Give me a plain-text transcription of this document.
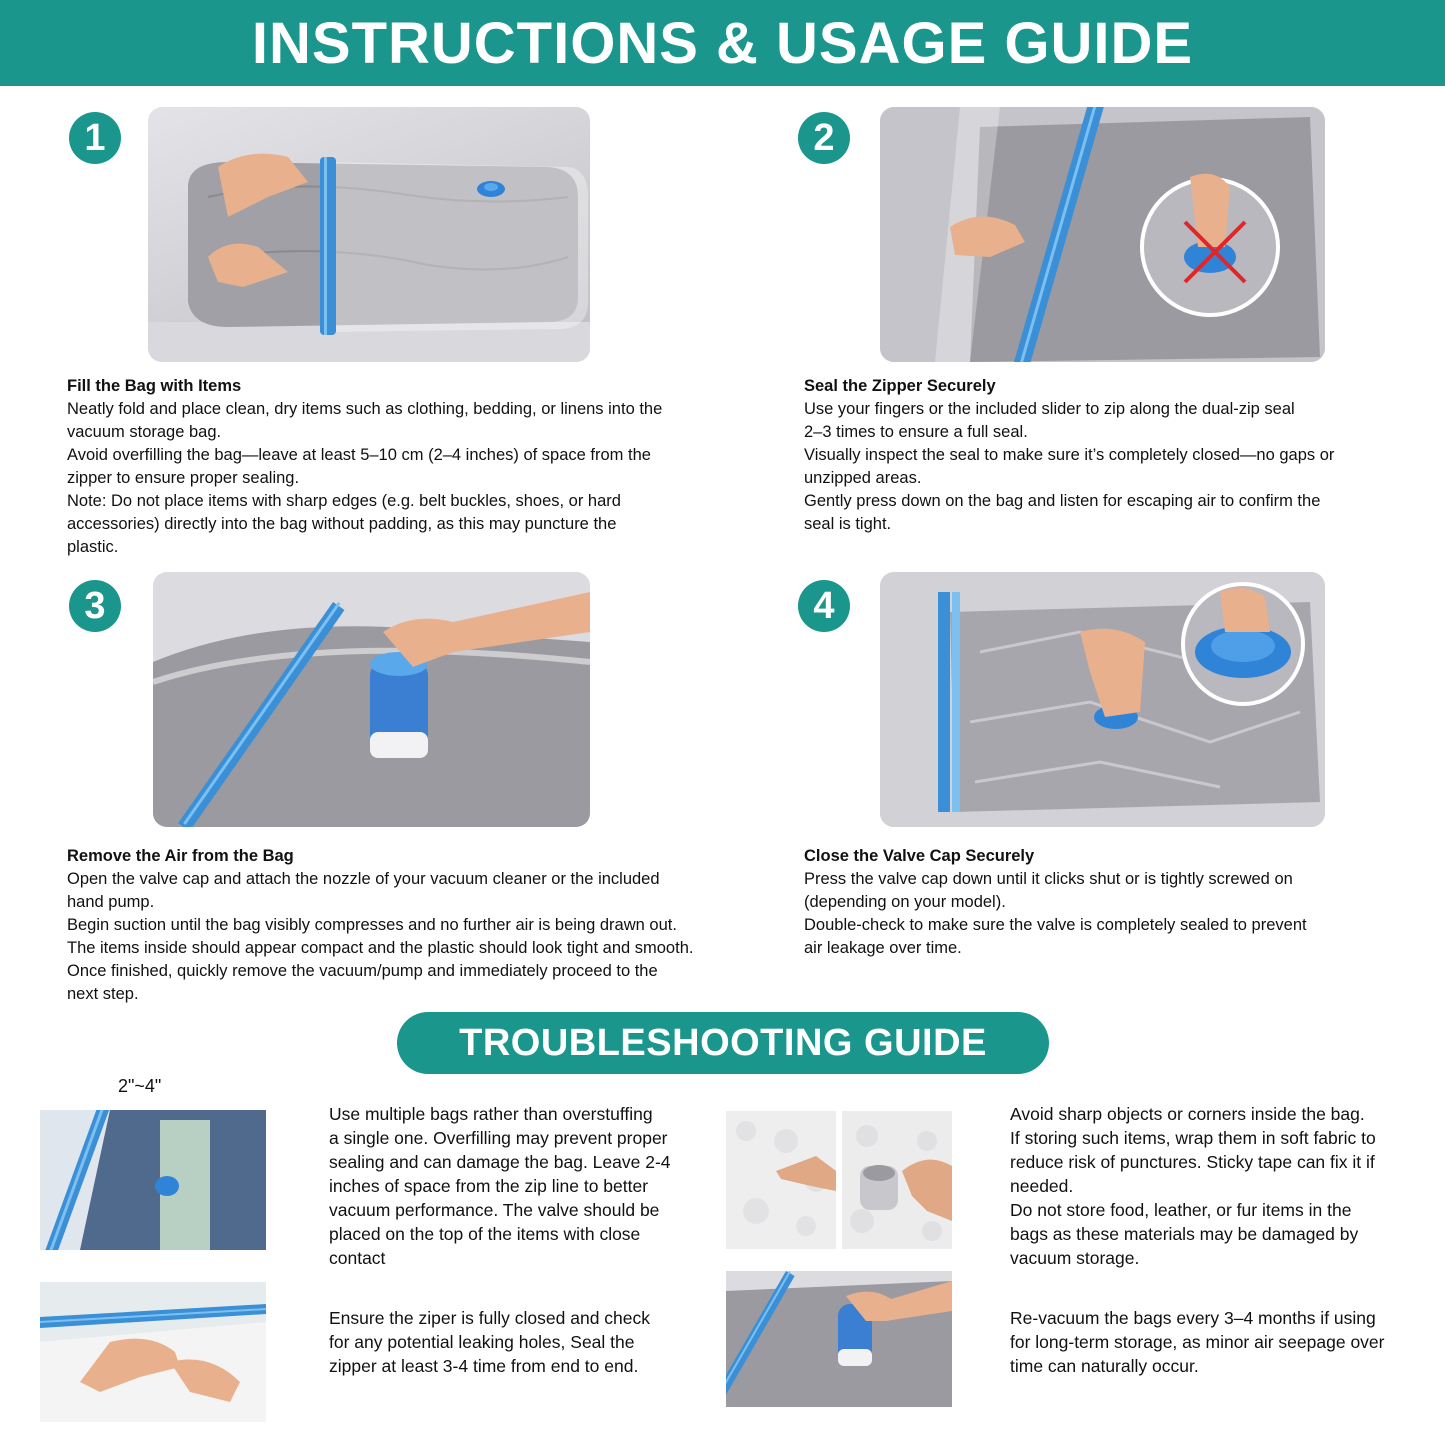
INSTRUCTIONS & USAGE GUIDE
1
Fill the Bag with Items
Neatly fold and place clean, dry items such as clothing, bedding, or linens into the
vacuum storage bag.
Avoid overfilling the bag—leave at least 5–10 cm (2–4 inches) of space from the
zipper to ensure proper sealing.
Note: Do not place items with sharp edges (e.g. belt buckles, shoes, or hard
accessories) directly into the bag without padding, as this may puncture the
plastic.
2
Seal the Zipper Securely
Use your fingers or the included slider to zip along the dual-zip seal
2–3 times to ensure a full seal.
Visually inspect the seal to make sure it’s completely closed—no gaps or
unzipped areas.
Gently press down on the bag and listen for escaping air to confirm the
seal is tight.
3
Remove the Air from the Bag
Open the valve cap and attach the nozzle of your vacuum cleaner or the included
hand pump.
Begin suction until the bag visibly compresses and no further air is being drawn out.
The items inside should appear compact and the plastic should look tight and smooth.
Once finished, quickly remove the vacuum/pump and immediately proceed to the
next step.
4
Close the Valve Cap Securely
Press the valve cap down until it clicks shut or is tightly screwed on
(depending on your model).
Double-check to make sure the valve is completely sealed to prevent
air leakage over time.
TROUBLESHOOTING GUIDE
2"~4"
Use multiple bags rather than overstuffing
a single one. Overfilling may prevent proper
sealing and can damage the bag. Leave 2-4
inches of space from the zip line to better
vacuum performance. The valve should be
placed on the top of the items with close
contact
Ensure the ziper is fully closed and check
for any potential leaking holes, Seal the
zipper at least 3-4 time from end to end.
Avoid sharp objects or corners inside the bag.
If storing such items, wrap them in soft fabric to
reduce risk of punctures. Sticky tape can fix it if
needed.
Do not store food, leather, or fur items in the
bags as these materials may be damaged by
vacuum storage.
Re-vacuum the bags every 3–4 months if using
for long-term storage, as minor air seepage over
time can naturally occur.
